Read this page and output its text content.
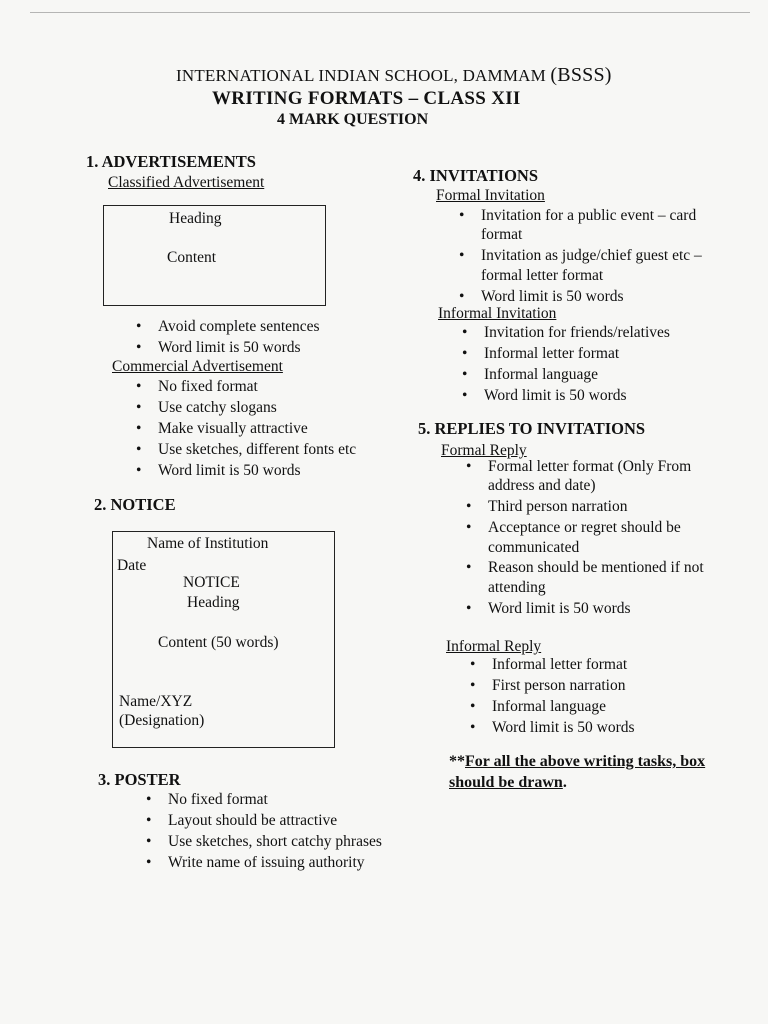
INTERNATIONAL INDIAN SCHOOL, DAMMAM (BSSS)
WRITING FORMATS – CLASS XII
4 MARK QUESTION
1. ADVERTISEMENTS
Classified Advertisement
Heading
Content
• Avoid complete sentences
• Word limit is 50 words
Commercial Advertisement
• No fixed format
• Use catchy slogans
• Make visually attractive
• Use sketches, different fonts etc
• Word limit is 50 words
2. NOTICE
Name of Institution
Date
NOTICE
Heading
Content (50 words)
Name/XYZ
(Designation)
3. POSTER
• No fixed format
• Layout should be attractive
• Use sketches, short catchy phrases
• Write name of issuing authority
4. INVITATIONS
Formal Invitation
• Invitation for a public event – card format
• Invitation as judge/chief guest etc – formal letter format
• Word limit is 50 words
Informal Invitation
• Invitation for friends/relatives
• Informal letter format
• Informal language
• Word limit is 50 words
5. REPLIES TO INVITATIONS
Formal Reply
• Formal letter format (Only From address and date)
• Third person narration
• Acceptance or regret should be communicated
• Reason should be mentioned if not attending
• Word limit is 50 words
Informal Reply
• Informal letter format
• First person narration
• Informal language
• Word limit is 50 words
**For all the above writing tasks, box should be drawn.
